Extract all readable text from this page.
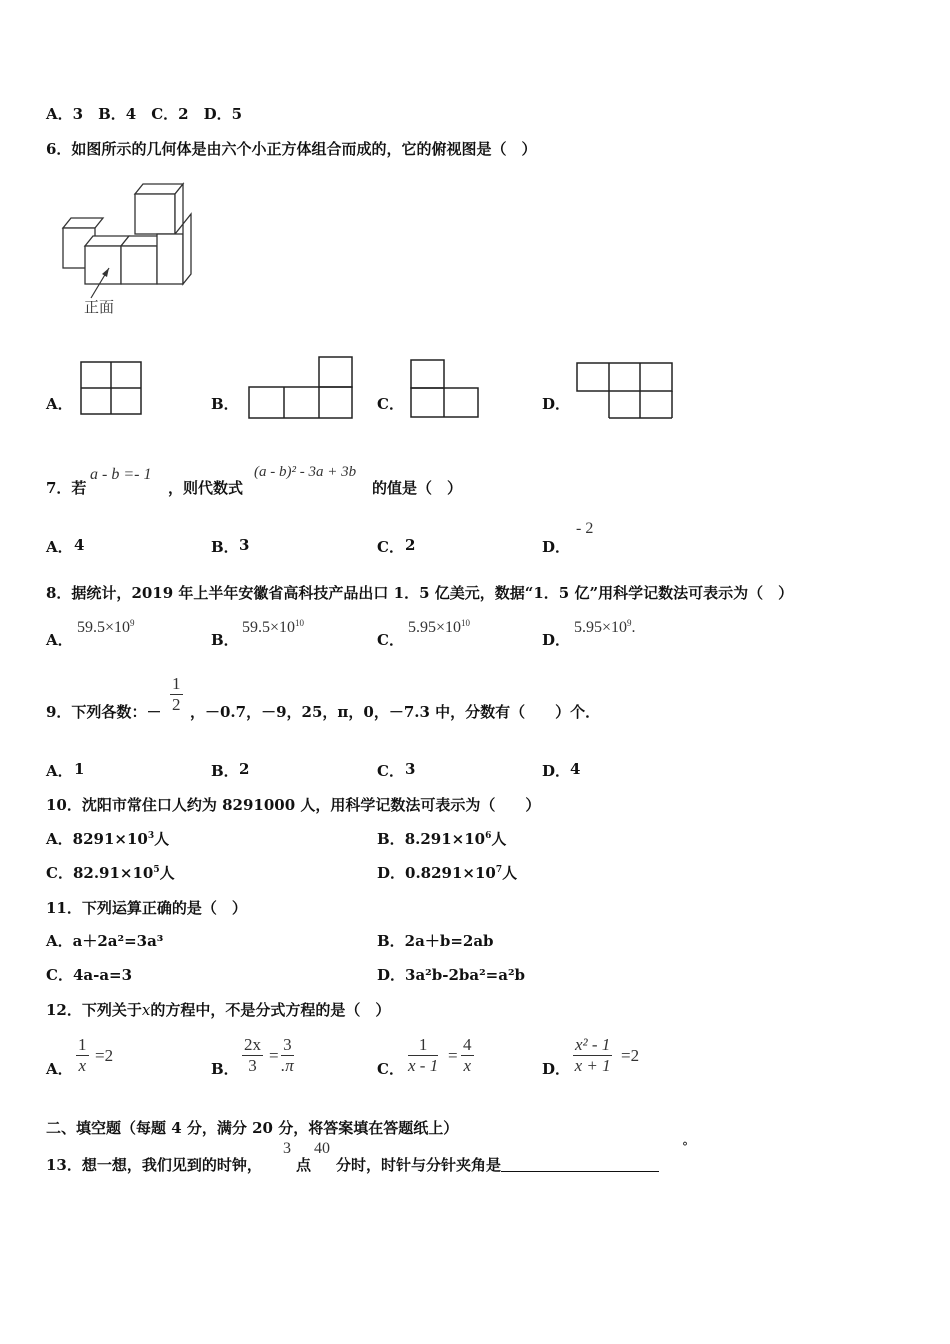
A．3　B．4　C．2　D．5
6．如图所示的几何体是由六个小正方体组合而成的，它的俯视图是（　）
正面
A．	B．	C．	D．
7．若
a - b =- 1
，则代数式
(a - b)² - 3a + 3b
的值是（　）
A． 4	B． 3	C． 2	D．
- 2
8．据统计，2019 年上半年安徽省高科技产品出口 1．5 亿美元，数据“1．5 亿”用科学记数法可表示为（　）
A．
$59.5\times 10^9$
B．
$59.5\times 10^{10}$
C．
$5.95\times 10^{10}$
D．
$5.95\times 10^9$.
9．下列各数：－ $\frac{1}{2}$ ，－0.7，－9，25，π，0，－7.3 中，分数有（　　）个．
A． 1	B． 2	C． 3	D． 4
10．沈阳市常住口人约为 8291000 人，用科学记数法可表示为（　　）
A．$8291\times 10^3$人	B．$8.291\times 10^6$人
C．$82.91\times 10^5$人	D．$0.8291\times 10^7$人
11．下列运算正确的是（　）
A．a＋2a²=3a³	B．2a＋b=2ab
C．4a-a=3	D．3a²b-2ba²=a²b
12．下列关于x的方程中，不是分式方程的是（　）
A． $\frac{1}{x} =2$
B． $\frac{2x}{3} = \frac{3}{.\pi}$	C． $\frac{1}{x - 1} = \frac{4}{x}$	D． $\frac{\text{x² - 1}}{x + 1} =2$
二、填空题（每题 4 分，满分 20 分，将答案填在答题纸上）
13．想一想，我们见到的时钟，
3
点
40
分时，时针与分针夹角是
°
